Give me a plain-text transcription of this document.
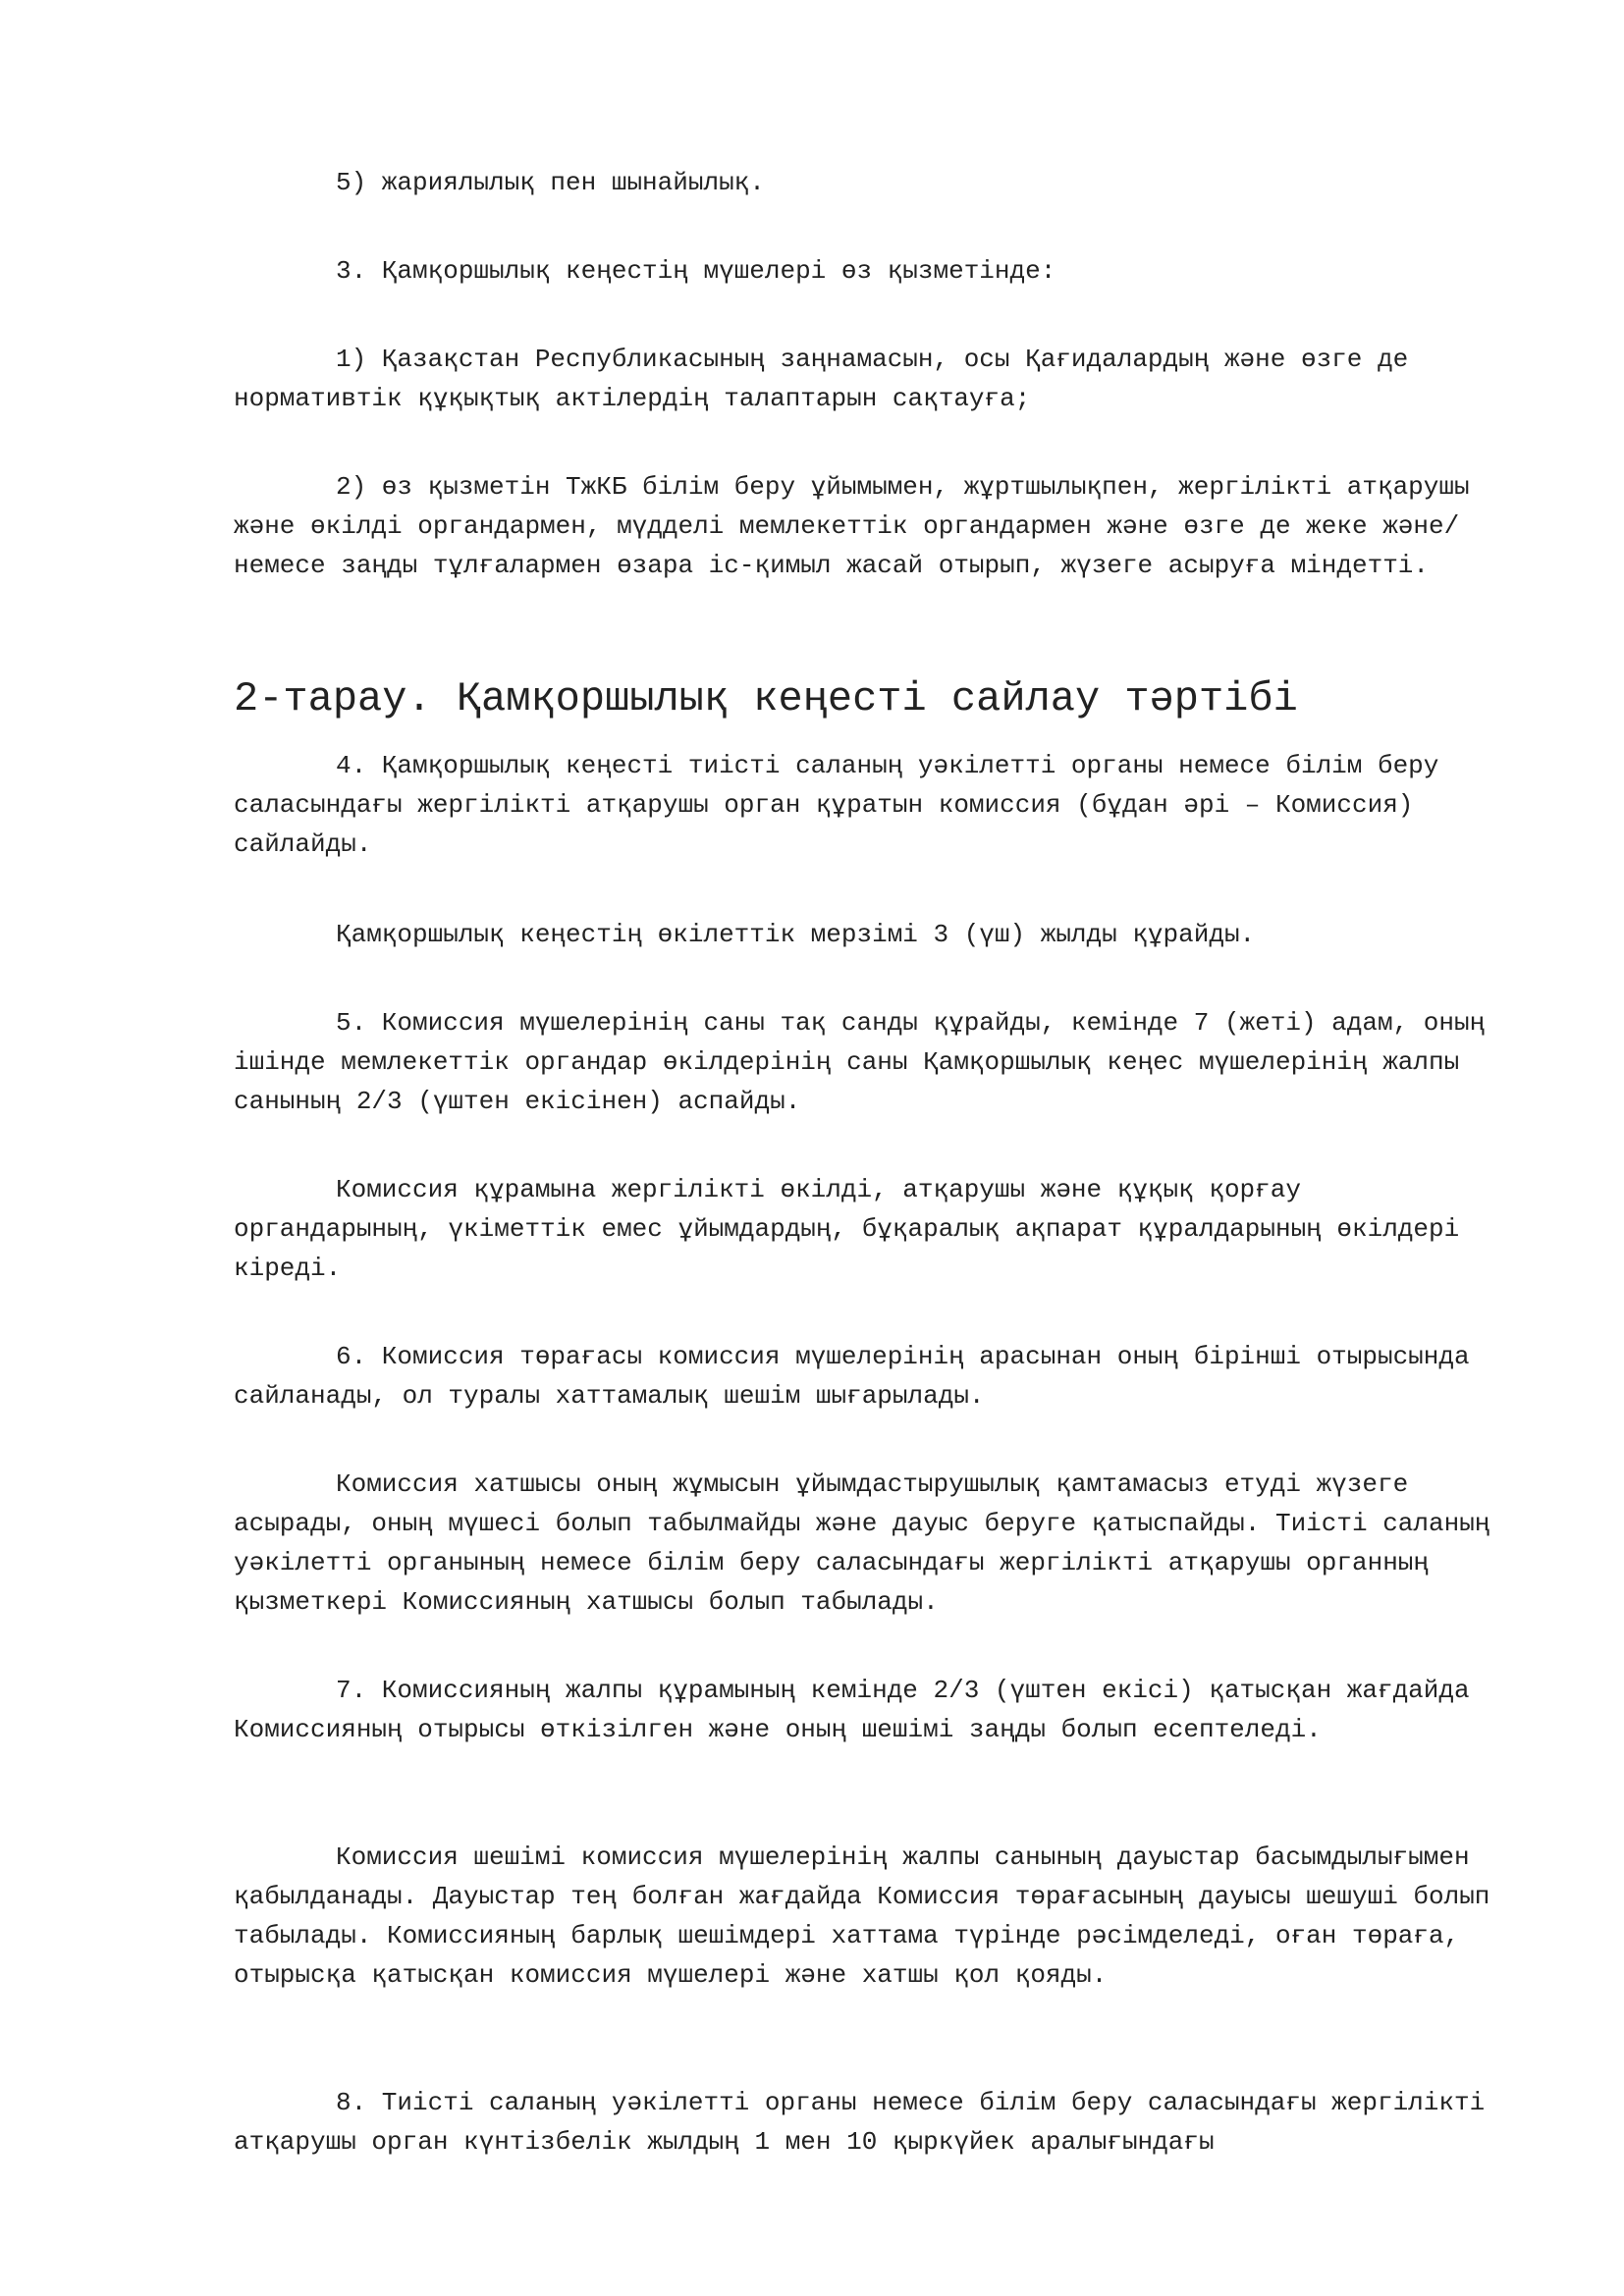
5) жариялылық пен шынайылық.

3. Қамқоршылық кеңестің мүшелері өз қызметінде:

1) Қазақстан Республикасының заңнамасын, осы Қағидалардың және өзге де нормативтік құқықтық актілердің талаптарын сақтауға;

2) өз қызметін ТжКБ білім беру ұйымымен, жұртшылықпен, жергілікті атқарушы және өкілді органдармен, мүдделі мемлекеттік органдармен және өзге де жеке және/немесе заңды тұлғалармен өзара іс-қимыл жасай отырып, жүзеге асыруға міндетті.

2-тарау. Қамқоршылық кеңесті сайлау тәртібі

4. Қамқоршылық кеңесті тиісті саланың уәкілетті органы немесе білім беру саласындағы жергілікті атқарушы орган құратын комиссия (бұдан әрі – Комиссия) сайлайды.

Қамқоршылық кеңестің өкілеттік мерзімі 3 (үш) жылды құрайды.

5. Комиссия мүшелерінің саны тақ санды құрайды, кемінде 7 (жеті) адам, оның ішінде мемлекеттік органдар өкілдерінің саны Қамқоршылық кеңес мүшелерінің жалпы санының 2/3 (үштен екісінен) аспайды.

Комиссия құрамына жергілікті өкілді, атқарушы және құқық қорғау органдарының, үкіметтік емес ұйымдардың, бұқаралық ақпарат құралдарының өкілдері кіреді.

6. Комиссия төрағасы комиссия мүшелерінің арасынан оның бірінші отырысында сайланады, ол туралы хаттамалық шешім шығарылады.

Комиссия хатшысы оның жұмысын ұйымдастырушылық қамтамасыз етуді жүзеге асырады, оның мүшесі болып табылмайды және дауыс беруге қатыспайды. Тиісті саланың уәкілетті органының немесе білім беру саласындағы жергілікті атқарушы органның қызметкері Комиссияның хатшысы болып табылады.

7. Комиссияның жалпы құрамының кемінде 2/3 (үштен екісі) қатысқан жағдайда Комиссияның отырысы өткізілген және оның шешімі заңды болып есептеледі.

Комиссия шешімі комиссия мүшелерінің жалпы санының дауыстар басымдылығымен қабылданады. Дауыстар тең болған жағдайда Комиссия төрағасының дауысы шешуші болып табылады. Комиссияның барлық шешімдері хаттама түрінде рәсімделеді, оған төраға, отырысқа қатысқан комиссия мүшелері және хатшы қол қояды.

8. Тиісті саланың уәкілетті органы немесе білім беру саласындағы жергілікті атқарушы орган күнтізбелік жылдың 1 мен 10 қыркүйек аралығындағы
